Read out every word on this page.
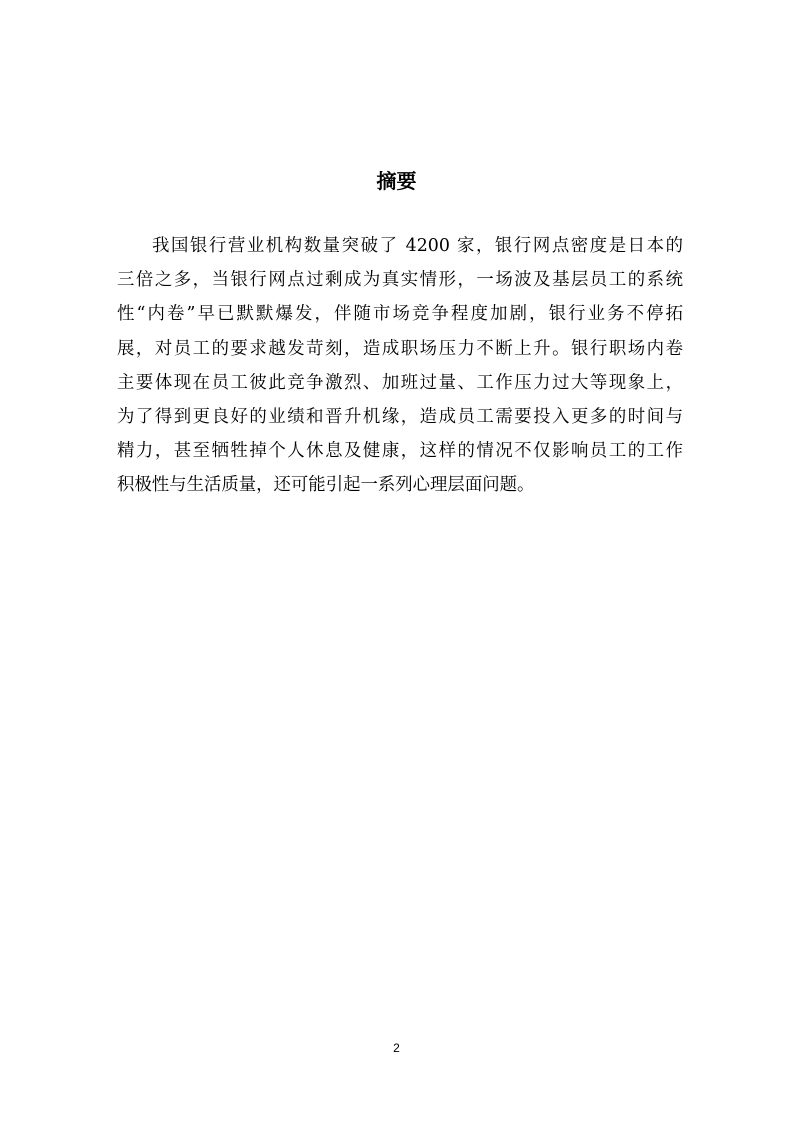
摘要
我国银行营业机构数量突破了 4200 家，银行网点密度是日本的
三倍之多，当银行网点过剩成为真实情形，一场波及基层员工的系统
性“内卷”早已默默爆发，伴随市场竞争程度加剧，银行业务不停拓
展，对员工的要求越发苛刻，造成职场压力不断上升。银行职场内卷
主要体现在员工彼此竞争激烈、加班过量、工作压力过大等现象上，
为了得到更良好的业绩和晋升机缘，造成员工需要投入更多的时间与
精力，甚至牺牲掉个人休息及健康，这样的情况不仅影响员工的工作
积极性与生活质量，还可能引起一系列心理层面问题。
2
